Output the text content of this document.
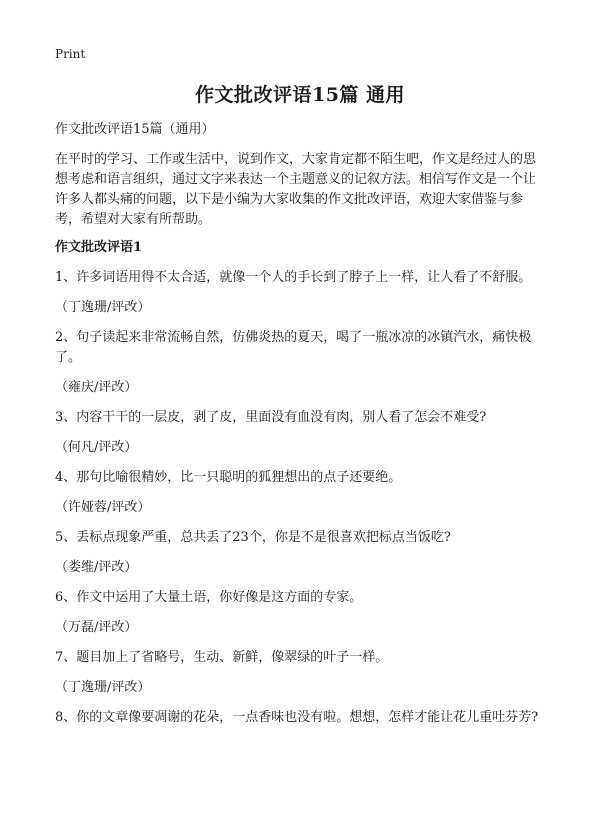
Print
作文批改评语15篇 通用

作文批改评语15篇（通用）

在平时的学习、工作或生活中，说到作文，大家肯定都不陌生吧，作文是经过人的思想考虑和语言组织，通过文字来表达一个主题意义的记叙方法。相信写作文是一个让许多人都头痛的问题，以下是小编为大家收集的作文批改评语，欢迎大家借鉴与参考，希望对大家有所帮助。

作文批改评语1

1、许多词语用得不太合适，就像一个人的手长到了脖子上一样，让人看了不舒服。

（丁逸珊/评改）

2、句子读起来非常流畅自然，仿佛炎热的夏天，喝了一瓶冰凉的冰镇汽水，痛快极了。

（雍庆/评改）

3、内容干干的一层皮，剥了皮，里面没有血没有肉，别人看了怎会不难受?

（何凡/评改）

4、那句比喻很精妙，比一只聪明的狐狸想出的点子还要绝。

（许娅蓉/评改）

5、丢标点现象严重，总共丢了23个，你是不是很喜欢把标点当饭吃?

（娄维/评改）

6、作文中运用了大量土语，你好像是这方面的专家。

（万磊/评改）

7、题目加上了省略号，生动、新鲜，像翠绿的叶子一样。

（丁逸珊/评改）

8、你的文章像要凋谢的花朵，一点香味也没有啦。想想，怎样才能让花儿重吐芬芳?
